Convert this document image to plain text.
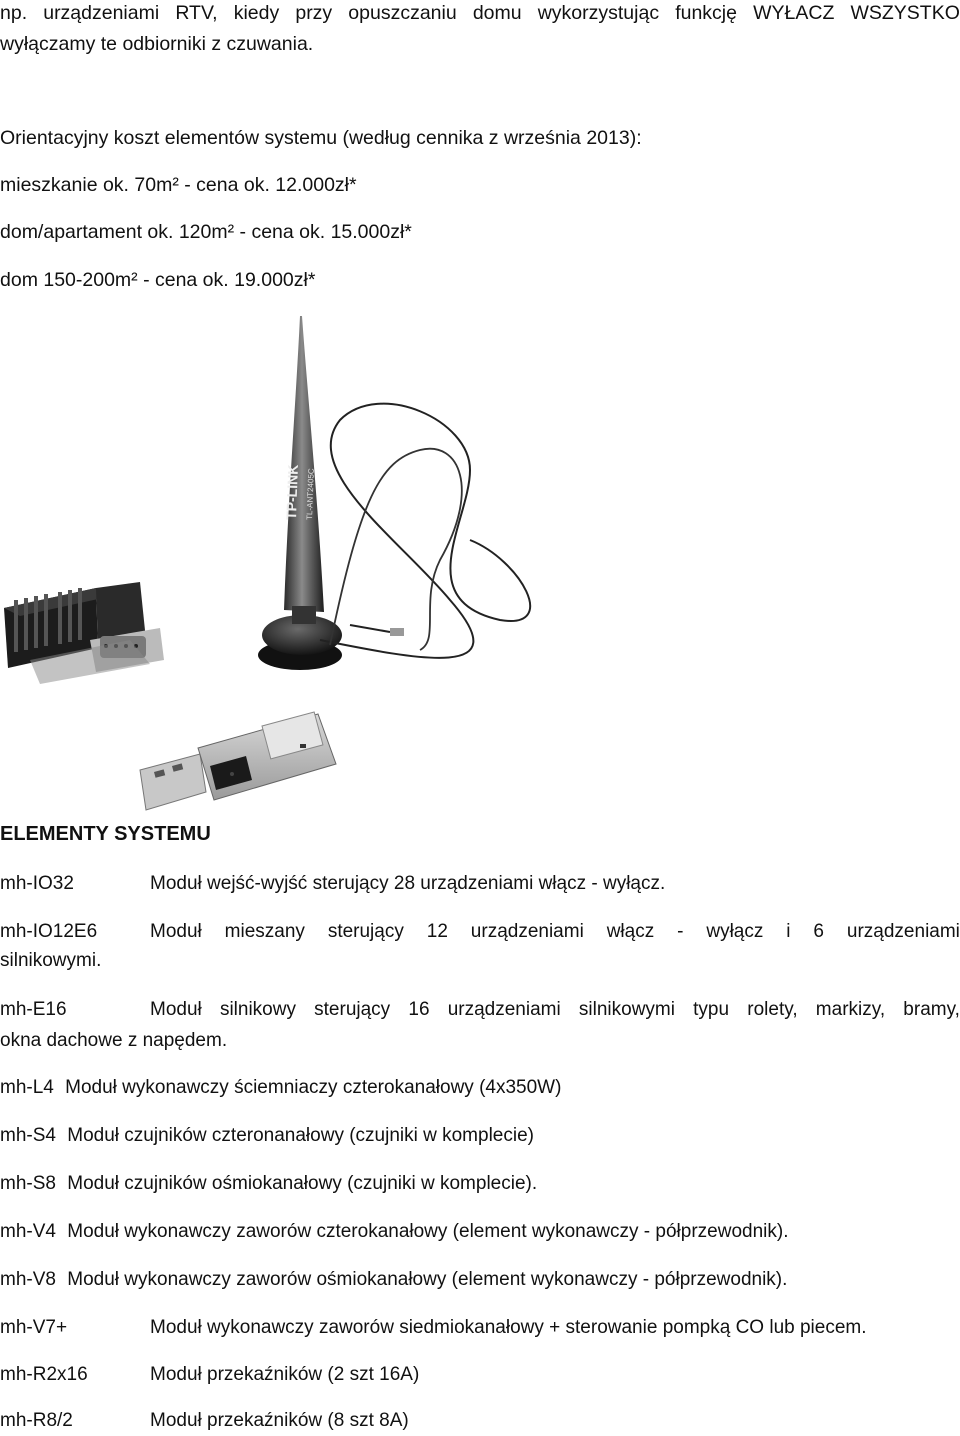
np. urządzeniami RTV, kiedy przy opuszczaniu domu wykorzystując funkcję WYŁACZ WSZYSTKO
wyłączamy te odbiorniki z czuwania.
Orientacyjny koszt elementów systemu (według cennika z września 2013):
mieszkanie ok. 70m² - cena ok. 12.000zł*
dom/apartament ok. 120m² - cena ok. 15.000zł*
dom 150-200m² - cena ok. 19.000zł*
TP-LINK TL-ANT2405C
ELEMENTY SYSTEMU
mh-IO32	Moduł wejść-wyjść sterujący 28 urządzeniami włącz - wyłącz.
mh-IO12E6	Moduł mieszany sterujący 12 urządzeniami włącz - wyłącz i 6 urządzeniami
silnikowymi.
mh-E16	Moduł silnikowy sterujący 16 urządzeniami silnikowymi typu rolety, markizy, bramy,
okna dachowe z napędem.
mh-L4 Moduł wykonawczy ściemniaczy czterokanałowy (4x350W)
mh-S4 Moduł czujników czteronanałowy (czujniki w komplecie)
mh-S8 Moduł czujników ośmiokanałowy (czujniki w komplecie).
mh-V4 Moduł wykonawczy zaworów czterokanałowy (element wykonawczy - półprzewodnik).
mh-V8 Moduł wykonawczy zaworów ośmiokanałowy (element wykonawczy - półprzewodnik).
mh-V7+	Moduł wykonawczy zaworów siedmiokanałowy + sterowanie pompką CO lub piecem.
mh-R2x16	Moduł przekaźników (2 szt 16A)
mh-R8/2	Moduł przekaźników (8 szt 8A)
